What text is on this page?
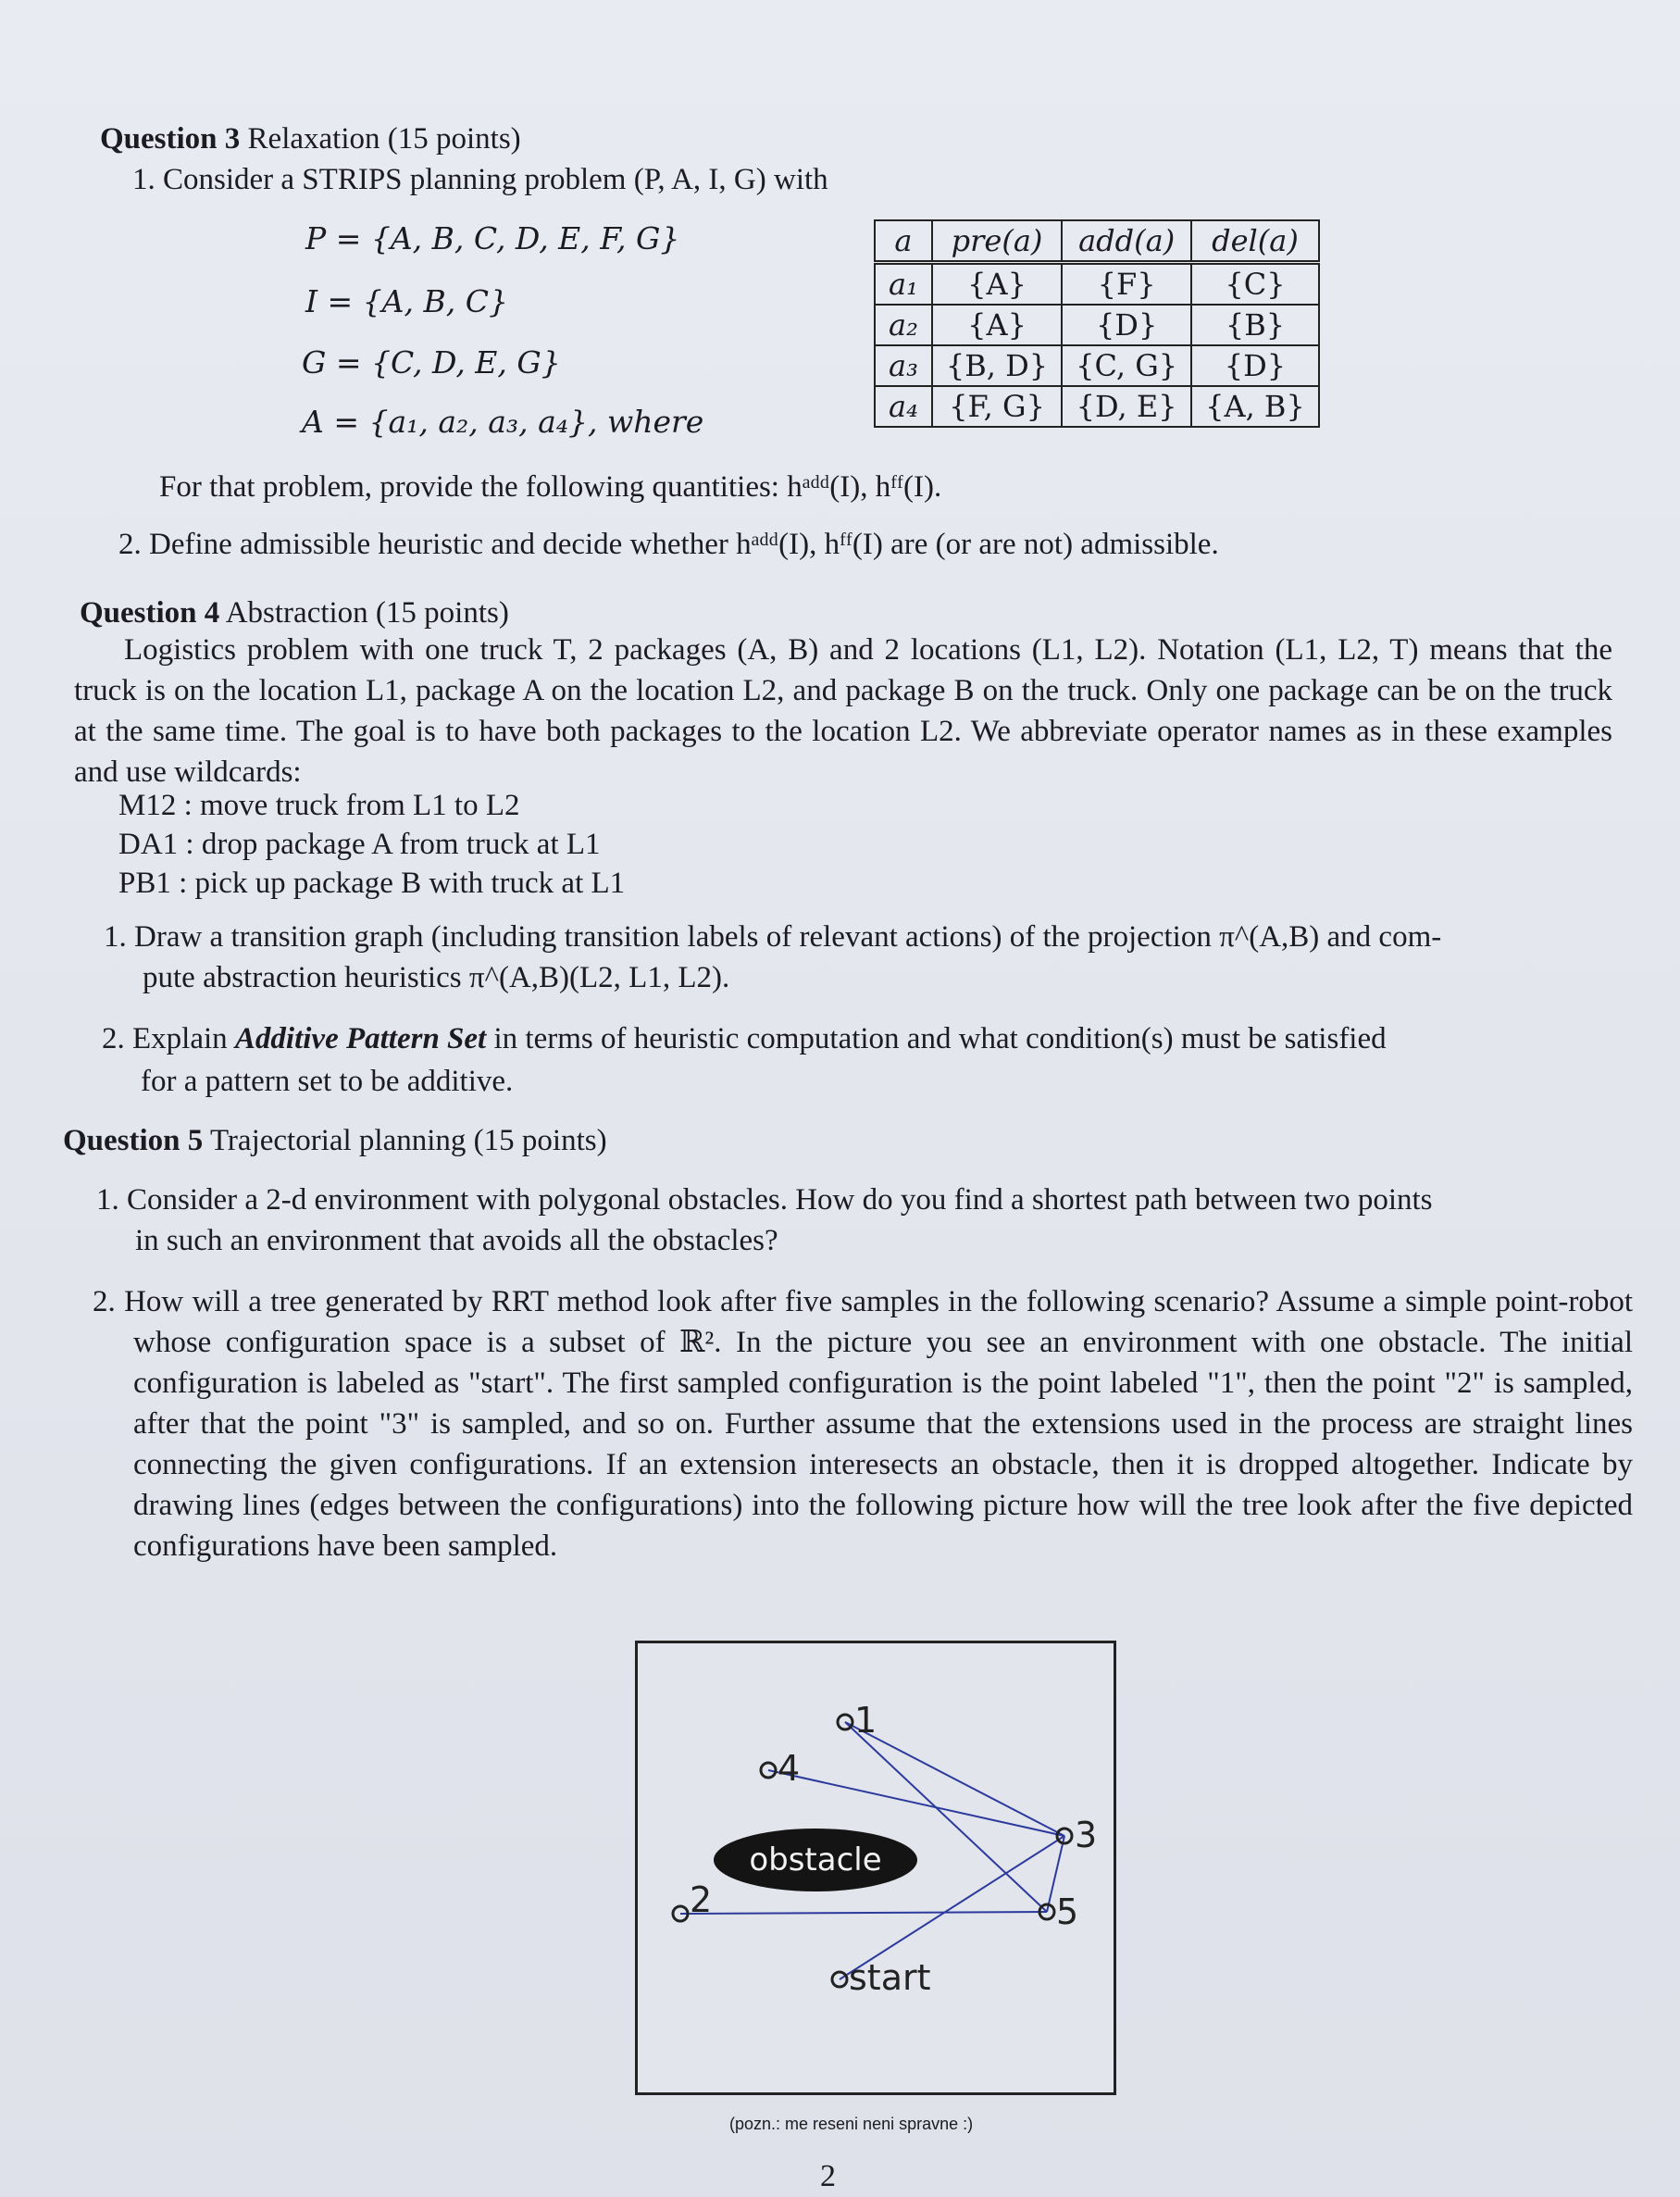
Question 3 Relaxation (15 points)
1. Consider a STRIPS planning problem (P, A, I, G) with
P = {A, B, C, D, E, F, G}
I = {A, B, C}
G = {C, D, E, G}
A = {a₁, a₂, a₃, a₄}, where
a	pre(a)	add(a)	del(a)
a₁	{A}	{F}	{C}
a₂	{A}	{D}	{B}
a₃	{B, D}	{C, G}	{D}
a₄	{F, G}	{D, E}	{A, B}
For that problem, provide the following quantities: hᵃᵈᵈ(I), hᶠᶠ(I).
2. Define admissible heuristic and decide whether hᵃᵈᵈ(I), hᶠᶠ(I) are (or are not) admissible.
Question 4 Abstraction (15 points)
Logistics problem with one truck T, 2 packages (A, B) and 2 locations (L1, L2). Notation (L1, L2, T) means that the truck is on the location L1, package A on the location L2, and package B on the truck. Only one package can be on the truck at the same time. The goal is to have both packages to the location L2. We abbreviate operator names as in these examples and use wildcards:
M12 : move truck from L1 to L2
DA1 : drop package A from truck at L1
PB1 : pick up package B with truck at L1
1. Draw a transition graph (including transition labels of relevant actions) of the projection π^(A,B) and com-
pute abstraction heuristics π^(A,B)(L2, L1, L2).
2. Explain Additive Pattern Set in terms of heuristic computation and what condition(s) must be satisfied
for a pattern set to be additive.
Question 5 Trajectorial planning (15 points)
1. Consider a 2-d environment with polygonal obstacles. How do you find a shortest path between two points
in such an environment that avoids all the obstacles?
2. How will a tree generated by RRT method look after five samples in the following scenario? Assume a simple point-robot whose configuration space is a subset of ℝ². In the picture you see an environment with one obstacle. The initial configuration is labeled as "start". The first sampled configuration is the point labeled "1", then the point "2" is sampled, after that the point "3" is sampled, and so on. Further assume that the extensions used in the process are straight lines connecting the given configurations. If an extension interesects an obstacle, then it is dropped altogether. Indicate by drawing lines (edges between the configurations) into the following picture how will the tree look after the five depicted configurations have been sampled.
obstacle
1
4
3
2	5
start
(pozn.: me reseni neni spravne :)
2
